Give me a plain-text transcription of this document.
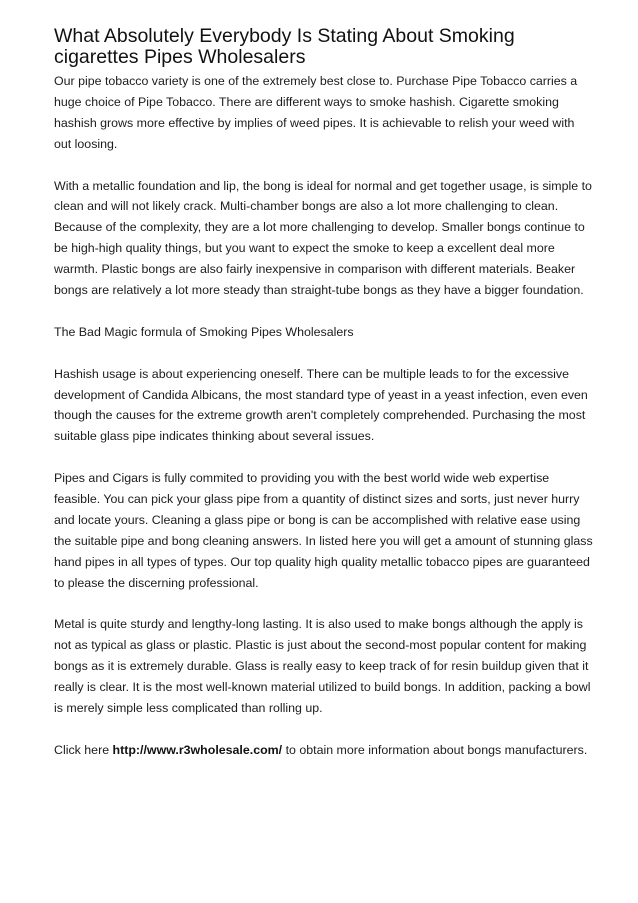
What Absolutely Everybody Is Stating About Smoking cigarettes Pipes Wholesalers

Our pipe tobacco variety is one of the extremely best close to. Purchase Pipe Tobacco carries a huge choice of Pipe Tobacco. There are different ways to smoke hashish. Cigarette smoking hashish grows more effective by implies of weed pipes. It is achievable to relish your weed with out loosing.

With a metallic foundation and lip, the bong is ideal for normal and get together usage, is simple to clean and will not likely crack. Multi-chamber bongs are also a lot more challenging to clean. Because of the complexity, they are a lot more challenging to develop. Smaller bongs continue to be high-high quality things, but you want to expect the smoke to keep a excellent deal more warmth. Plastic bongs are also fairly inexpensive in comparison with different materials. Beaker bongs are relatively a lot more steady than straight-tube bongs as they have a bigger foundation.

The Bad Magic formula of Smoking Pipes Wholesalers

Hashish usage is about experiencing oneself. There can be multiple leads to for the excessive development of Candida Albicans, the most standard type of yeast in a yeast infection, even even though the causes for the extreme growth aren't completely comprehended. Purchasing the most suitable glass pipe indicates thinking about several issues.

Pipes and Cigars is fully commited to providing you with the best world wide web expertise feasible. You can pick your glass pipe from a quantity of distinct sizes and sorts, just never hurry and locate yours. Cleaning a glass pipe or bong is can be accomplished with relative ease using the suitable pipe and bong cleaning answers. In listed here you will get a amount of stunning glass hand pipes in all types of types. Our top quality high quality metallic tobacco pipes are guaranteed to please the discerning professional.

Metal is quite sturdy and lengthy-long lasting. It is also used to make bongs although the apply is not as typical as glass or plastic. Plastic is just about the second-most popular content for making bongs as it is extremely durable. Glass is really easy to keep track of for resin buildup given that it really is clear. It is the most well-known material utilized to build bongs. In addition, packing a bowl is merely simple less complicated than rolling up.

Click here http://www.r3wholesale.com/ to obtain more information about bongs manufacturers.
